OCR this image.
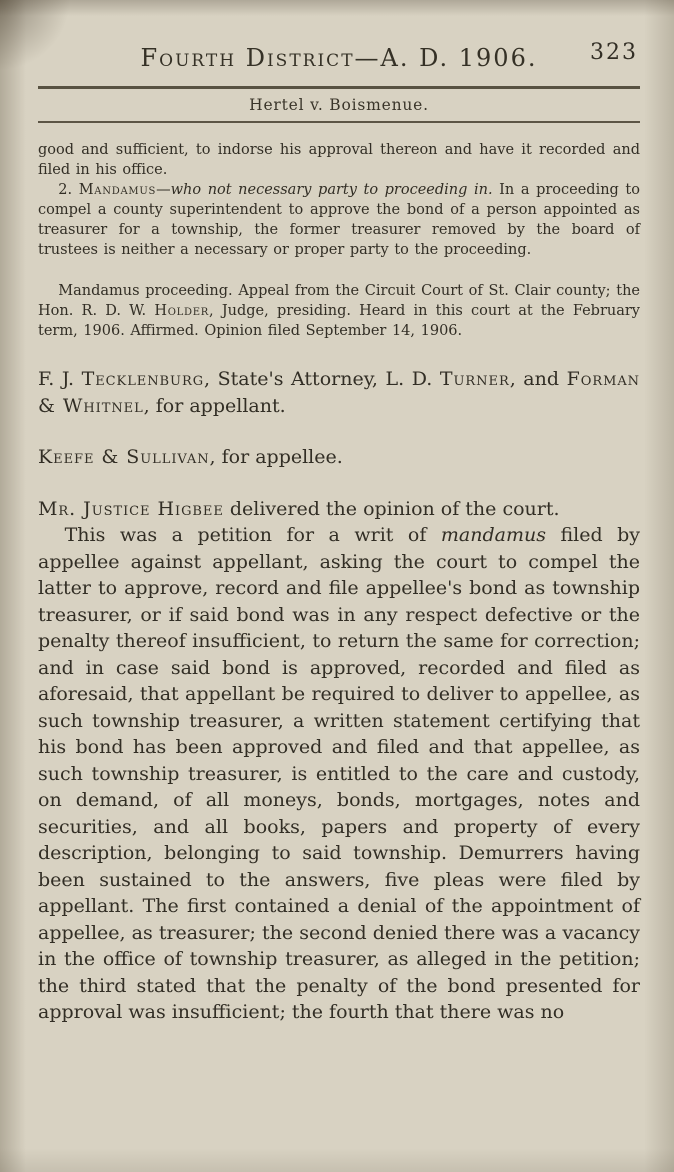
Fourth District—A. D. 1906. 323
Hertel v. Boismenue.

good and sufficient, to indorse his approval thereon and have it recorded and filed in his office.

2. Mandamus—who not necessary party to proceeding in. In a proceeding to compel a county superintendent to approve the bond of a person appointed as treasurer for a township, the former treasurer removed by the board of trustees is neither a necessary or proper party to the proceeding.

Mandamus proceeding. Appeal from the Circuit Court of St. Clair county; the Hon. R. D. W. Holder, Judge, presiding. Heard in this court at the February term, 1906. Affirmed. Opinion filed September 14, 1906.

F. J. Tecklenburg, State's Attorney, L. D. Turner, and Forman & Whitnel, for appellant.

Keefe & Sullivan, for appellee.

Mr. Justice Higbee delivered the opinion of the court.

This was a petition for a writ of mandamus filed by appellee against appellant, asking the court to compel the latter to approve, record and file appellee's bond as township treasurer, or if said bond was in any respect defective or the penalty thereof insufficient, to return the same for correction; and in case said bond is approved, recorded and filed as aforesaid, that appellant be required to deliver to appellee, as such township treasurer, a written statement certifying that his bond has been approved and filed and that appellee, as such township treasurer, is entitled to the care and custody, on demand, of all moneys, bonds, mortgages, notes and securities, and all books, papers and property of every description, belonging to said township. Demurrers having been sustained to the answers, five pleas were filed by appellant. The first contained a denial of the appointment of appellee, as treasurer; the second denied there was a vacancy in the office of township treasurer, as alleged in the petition; the third stated that the penalty of the bond presented for approval was insufficient; the fourth that there was no
